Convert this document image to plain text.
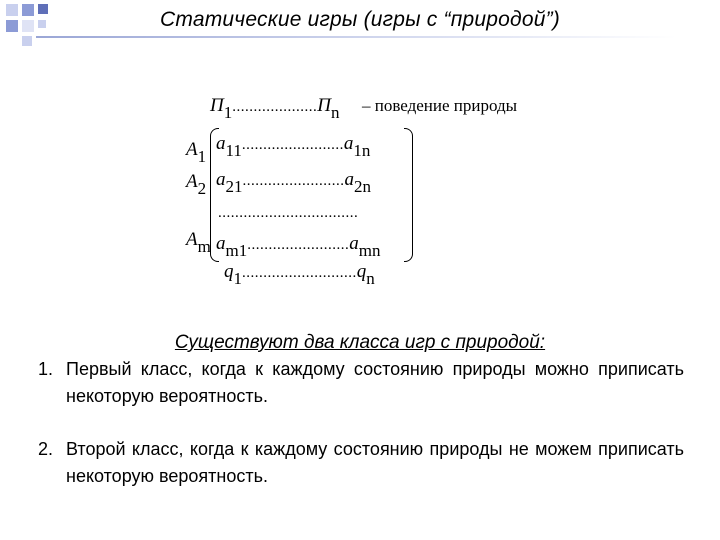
Статические игры (игры с “природой”)
П1....................Пn – поведение природы
A1
a11........................a1n
A2 a21........................a2n
.................................
Am am1........................amn
q1...........................qn
Существуют два класса игр с природой:
1. Первый класс, когда к каждому состоянию природы можно приписать некоторую вероятность.
2. Второй класс, когда к каждому состоянию природы не можем приписать некоторую вероятность.
